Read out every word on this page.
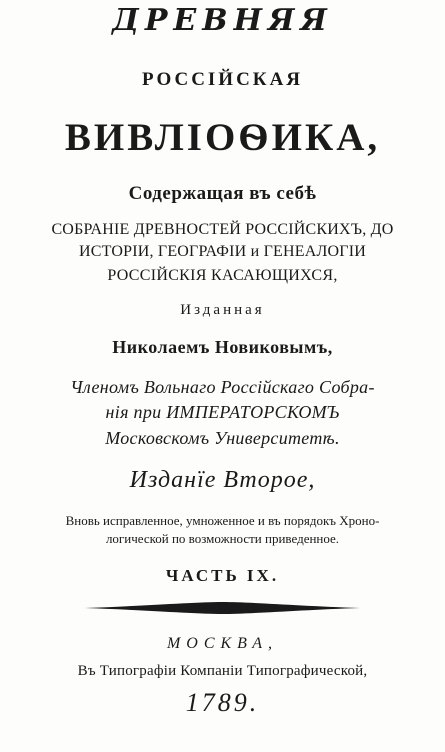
ДРЕВНЯЯ
РОССІЙСКАЯ
ВИВЛІОѲИКА,
Содержащая въ себѣ
СОБРАНІЕ ДРЕВНОСТЕЙ РОССІЙСКИХЪ, ДО
ИСТОРІИ, ГЕОГРАФІИ и ГЕНЕАЛОГІИ
РОССІЙСКІЯ КАСАЮЩИХСЯ,
Изданная
Николаемъ Новиковымъ,
Членомъ Вольнаго Россійскаго Собра-
нія при ИМПЕРАТОРСКОМЪ
Московскомъ Университетѣ.
Изданїе Второе,
Вновь исправленное, умноженное и въ порядокъ Хроно-
логической по возможности приведенное.
ЧАСТЬ IX.
МОСКВА,
Въ Типографіи Компаніи Типографической,
1789.
